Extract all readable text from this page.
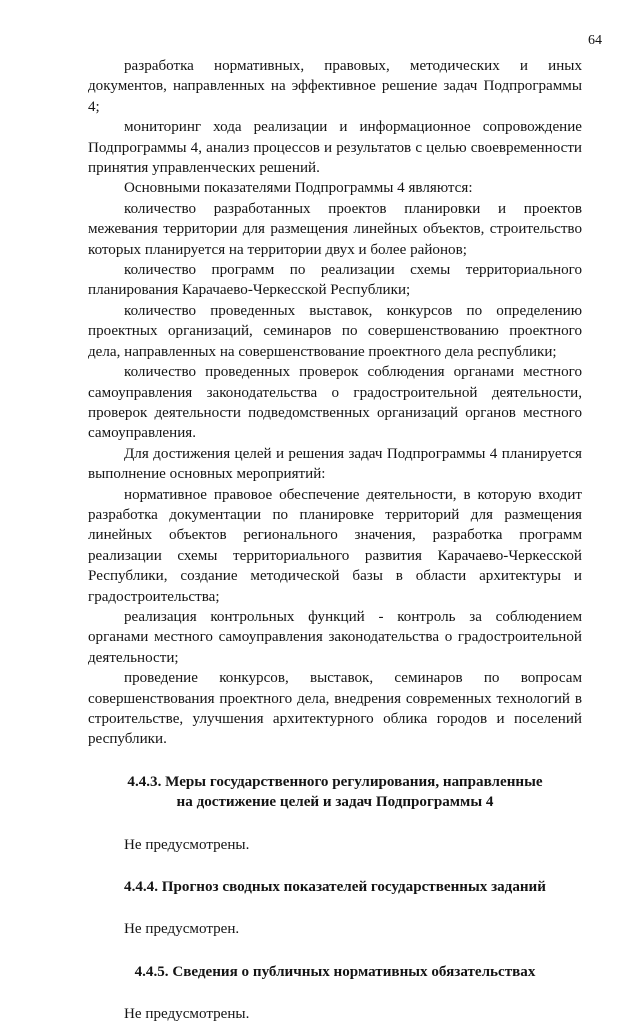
64

разработка нормативных, правовых, методических и иных документов, направленных на эффективное решение задач Подпрограммы 4;

мониторинг хода реализации и информационное сопровождение Подпрограммы 4, анализ процессов и результатов с целью своевременности принятия управленческих решений.

Основными показателями Подпрограммы 4 являются:

количество разработанных проектов планировки и проектов межевания территории для размещения линейных объектов, строительство которых планируется на территории двух и более районов;

количество программ по реализации схемы территориального планирования Карачаево-Черкесской Республики;

количество проведенных выставок, конкурсов по определению проектных организаций, семинаров по совершенствованию проектного дела, направленных на совершенствование проектного дела республики;

количество проведенных проверок соблюдения органами местного самоуправления законодательства о градостроительной деятельности, проверок деятельности подведомственных организаций органов местного самоуправления.

Для достижения целей и решения задач Подпрограммы 4 планируется выполнение основных мероприятий:

нормативное правовое обеспечение деятельности, в которую входит разработка документации по планировке территорий для размещения линейных объектов регионального значения, разработка программ реализации схемы территориального развития Карачаево-Черкесской Республики, создание методической базы в области архитектуры и градостроительства;

реализация контрольных функций - контроль за соблюдением органами местного самоуправления законодательства о градостроительной деятельности;

проведение конкурсов, выставок, семинаров по вопросам совершенствования проектного дела, внедрения современных технологий в строительстве, улучшения архитектурного облика городов и поселений республики.

4.4.3. Меры государственного регулирования, направленные
на достижение целей и задач Подпрограммы 4

Не предусмотрены.

4.4.4. Прогноз сводных показателей государственных заданий

Не предусмотрен.

4.4.5. Сведения о публичных нормативных обязательствах

Не предусмотрены.
